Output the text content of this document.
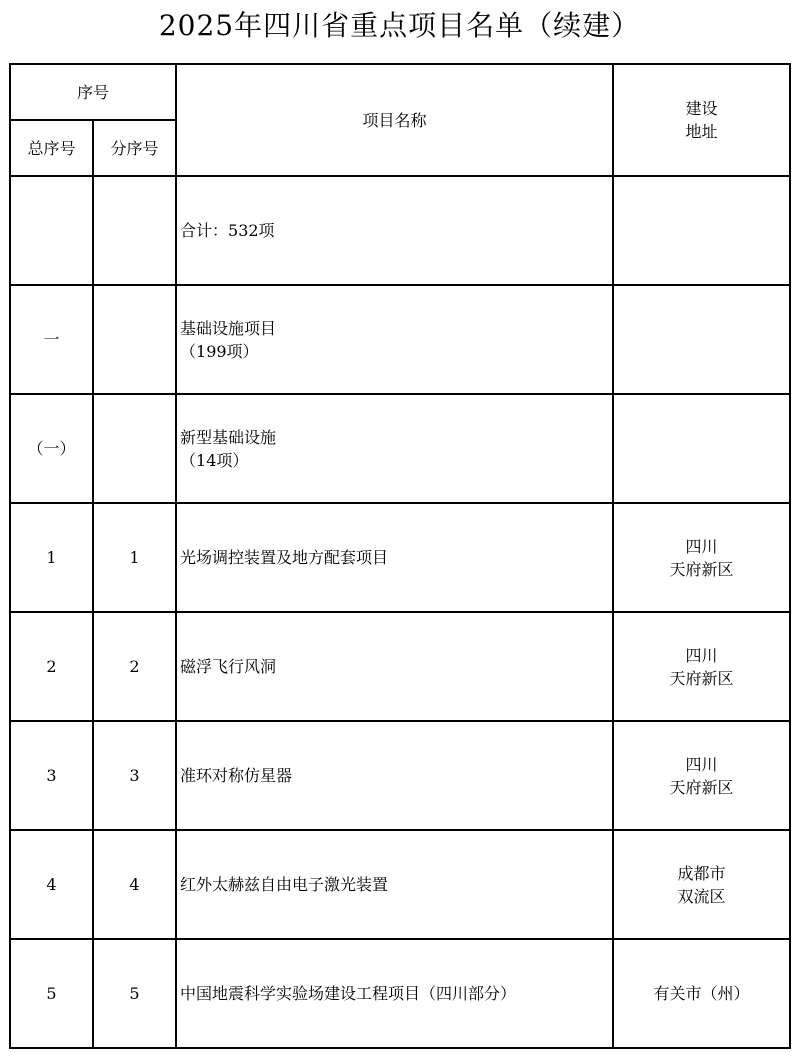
2025年四川省重点项目名单（续建）
序号		项目名称	建设
地址

总序号	分序号		

		合计：532项	

一		基础设施项目
（199项）	

（一）		新型基础设施
（14项）	

1	1	光场调控装置及地方配套项目	四川
天府新区

2	2	磁浮飞行风洞	四川
天府新区

3	3	准环对称仿星器	四川
天府新区

4	4	红外太赫兹自由电子激光装置	成都市
双流区

5	5	中国地震科学实验场建设工程项目（四川部分）	有关市（州）
